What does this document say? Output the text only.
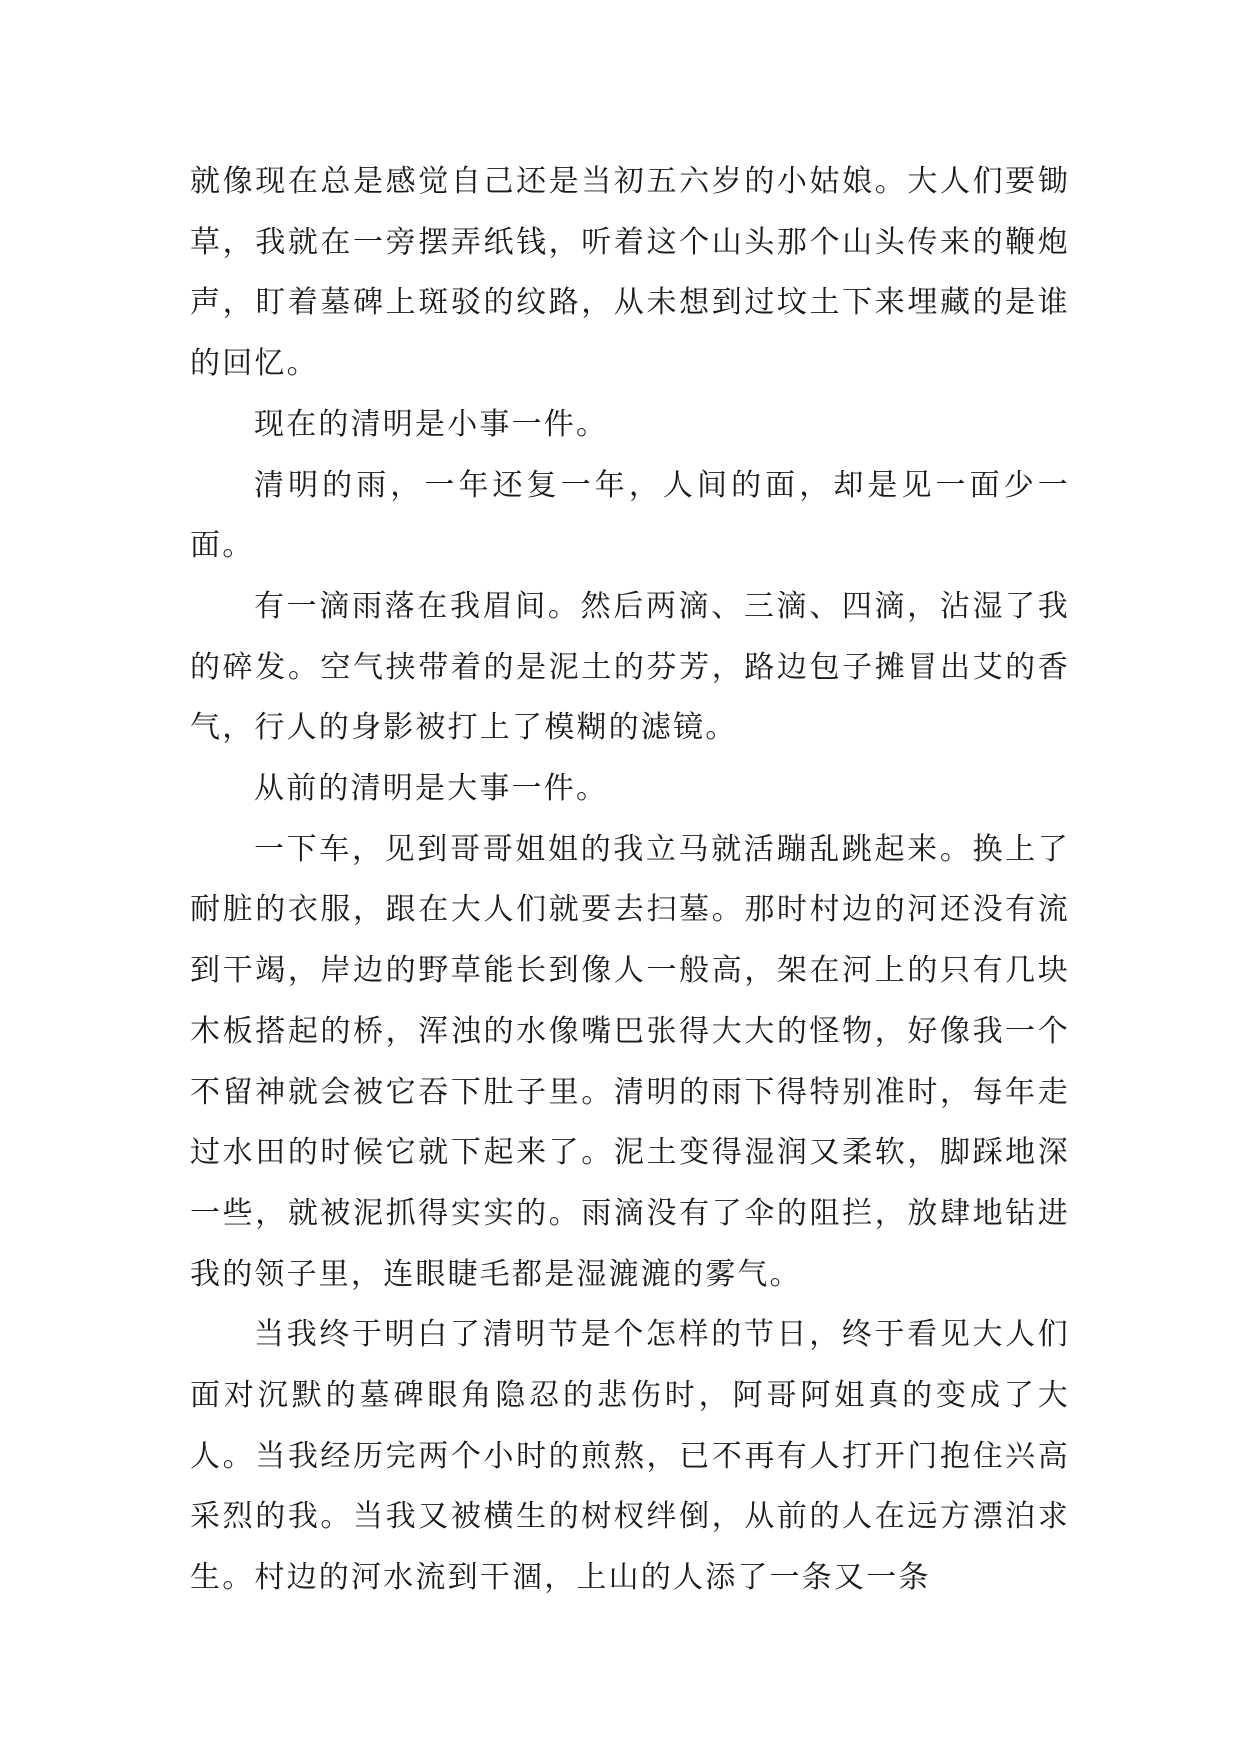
就像现在总是感觉自己还是当初五六岁的小姑娘。大人们要锄草，我就在一旁摆弄纸钱，听着这个山头那个山头传来的鞭炮声，盯着墓碑上斑驳的纹路，从未想到过坟土下来埋藏的是谁的回忆。

现在的清明是小事一件。

清明的雨，一年还复一年，人间的面，却是见一面少一面。

有一滴雨落在我眉间。然后两滴、三滴、四滴，沾湿了我的碎发。空气挟带着的是泥土的芬芳，路边包子摊冒出艾的香气，行人的身影被打上了模糊的滤镜。

从前的清明是大事一件。

一下车，见到哥哥姐姐的我立马就活蹦乱跳起来。换上了耐脏的衣服，跟在大人们就要去扫墓。那时村边的河还没有流到干竭，岸边的野草能长到像人一般高，架在河上的只有几块木板搭起的桥，浑浊的水像嘴巴张得大大的怪物，好像我一个不留神就会被它吞下肚子里。清明的雨下得特别准时，每年走过水田的时候它就下起来了。泥土变得湿润又柔软，脚踩地深一些，就被泥抓得实实的。雨滴没有了伞的阻拦，放肆地钻进我的领子里，连眼睫毛都是湿漉漉的雾气。

当我终于明白了清明节是个怎样的节日，终于看见大人们面对沉默的墓碑眼角隐忍的悲伤时，阿哥阿姐真的变成了大人。当我经历完两个小时的煎熬，已不再有人打开门抱住兴高采烈的我。当我又被横生的树杈绊倒，从前的人在远方漂泊求生。村边的河水流到干涸，上山的人添了一条又一条
